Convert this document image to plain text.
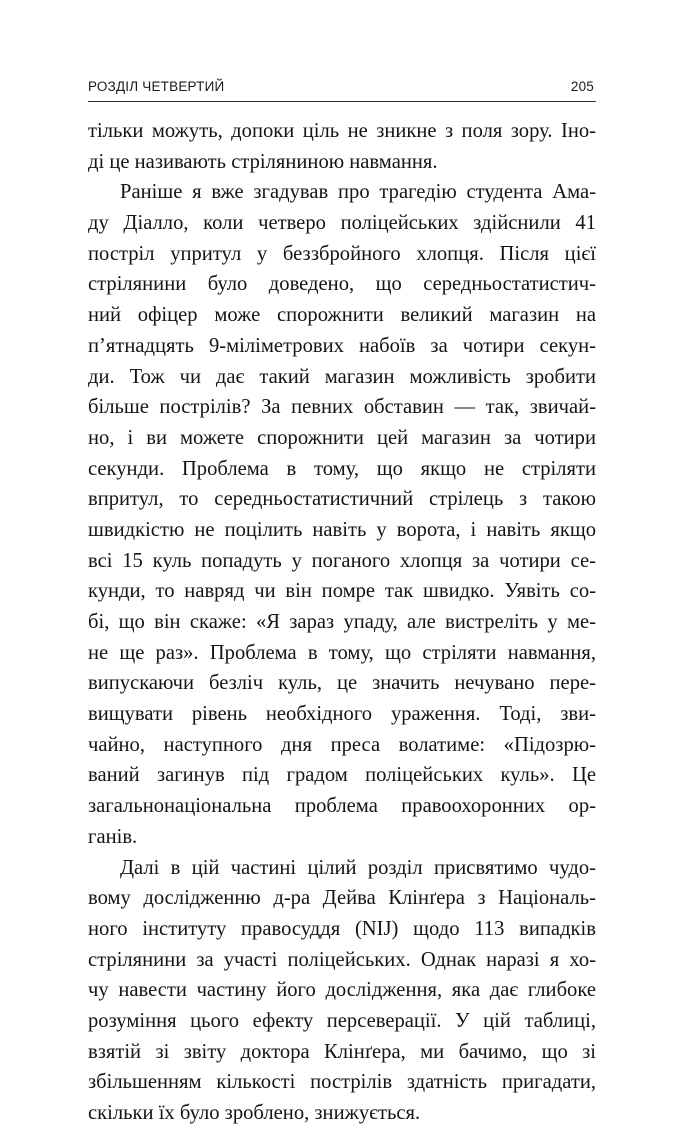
РОЗДІЛ ЧЕТВЕРТИЙ	205
тільки можуть, допоки ціль не зникне з поля зору. Іно-
ді це називають стріляниною навмання.
Раніше я вже згадував про трагедію студента Ама-
ду Діалло, коли четверо поліцейських здійснили 41
постріл упритул у беззбройного хлопця. Після цієї
стрілянини було доведено, що середньостатистич-
ний офіцер може спорожнити великий магазин на
п’ятнадцять 9-міліметрових набоїв за чотири секун-
ди. Тож чи дає такий магазин можливість зробити
більше пострілів? За певних обставин — так, звичай-
но, і ви можете спорожнити цей магазин за чотири
секунди. Проблема в тому, що якщо не стріляти
впритул, то середньостатистичний стрілець з такою
швидкістю не поцілить навіть у ворота, і навіть якщо
всі 15 куль попадуть у поганого хлопця за чотири се-
кунди, то навряд чи він помре так швидко. Уявіть со-
бі, що він скаже: «Я зараз упаду, але вистреліть у ме-
не ще раз». Проблема в тому, що стріляти навмання,
випускаючи безліч куль, це значить нечувано пере-
вищувати рівень необхідного ураження. Тоді, зви-
чайно, наступного дня преса волатиме: «Підозрю-
ваний загинув під градом поліцейських куль». Це
загальнонаціональна проблема правоохоронних ор-
ганів.
Далі в цій частині цілий розділ присвятимо чудо-
вому дослідженню д-ра Дейва Клінґера з Національ-
ного інституту правосуддя (NIJ) щодо 113 випадків
стрілянини за участі поліцейських. Однак наразі я хо-
чу навести частину його дослідження, яка дає глибоке
розуміння цього ефекту персеверації. У цій таблиці,
взятій зі звіту доктора Клінґера, ми бачимо, що зі
збільшенням кількості пострілів здатність пригадати,
скільки їх було зроблено, знижується.
